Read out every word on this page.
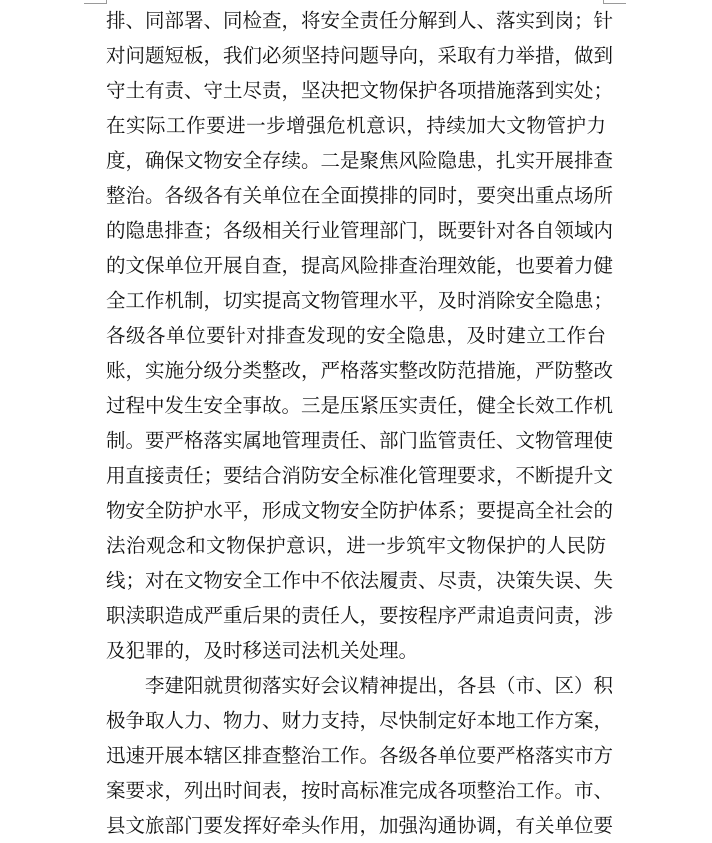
排、同部署、同检查，将安全责任分解到人、落实到岗；针
对问题短板，我们必须坚持问题导向，采取有力举措，做到
守土有责、守土尽责，坚决把文物保护各项措施落到实处；
在实际工作要进一步增强危机意识，持续加大文物管护力
度，确保文物安全存续。二是聚焦风险隐患，扎实开展排查
整治。各级各有关单位在全面摸排的同时，要突出重点场所
的隐患排查；各级相关行业管理部门，既要针对各自领域内
的文保单位开展自查，提高风险排查治理效能，也要着力健
全工作机制，切实提高文物管理水平，及时消除安全隐患；
各级各单位要针对排查发现的安全隐患，及时建立工作台
账，实施分级分类整改，严格落实整改防范措施，严防整改
过程中发生安全事故。三是压紧压实责任，健全长效工作机
制。要严格落实属地管理责任、部门监管责任、文物管理使
用直接责任；要结合消防安全标准化管理要求，不断提升文
物安全防护水平，形成文物安全防护体系；要提高全社会的
法治观念和文物保护意识，进一步筑牢文物保护的人民防
线；对在文物安全工作中不依法履责、尽责，决策失误、失
职渎职造成严重后果的责任人，要按程序严肃追责问责，涉
及犯罪的，及时移送司法机关处理。
李建阳就贯彻落实好会议精神提出，各县（市、区）积
极争取人力、物力、财力支持，尽快制定好本地工作方案，
迅速开展本辖区排查整治工作。各级各单位要严格落实市方
案要求，列出时间表，按时高标准完成各项整治工作。市、
县文旅部门要发挥好牵头作用，加强沟通协调，有关单位要
